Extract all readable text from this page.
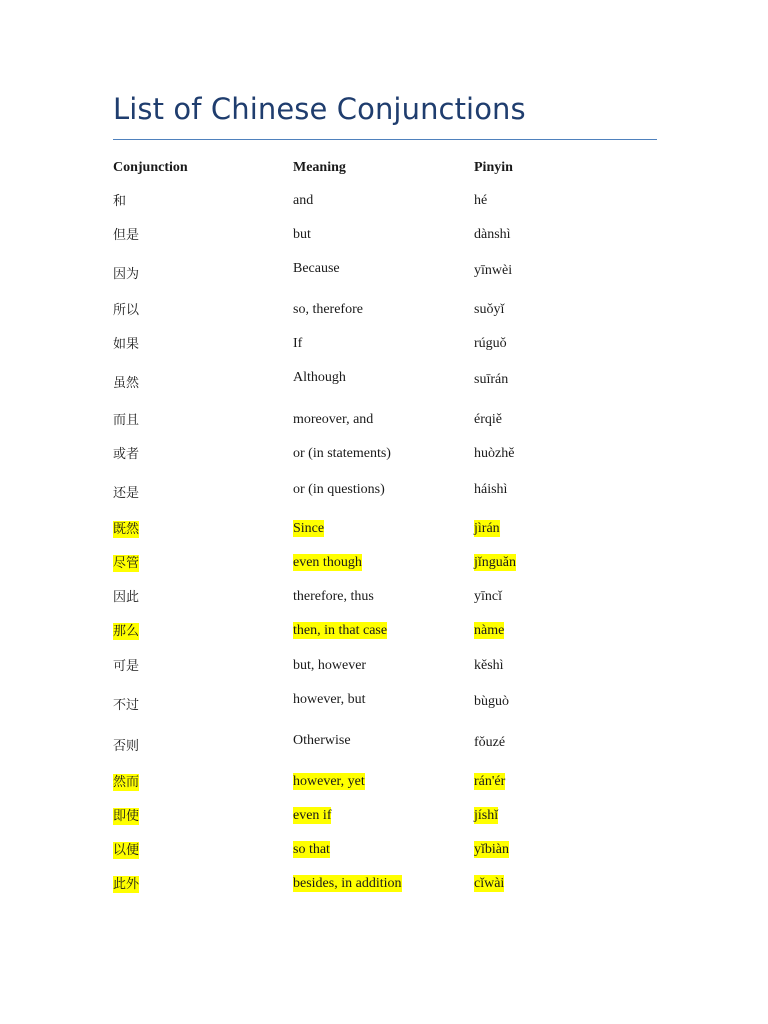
List of Chinese Conjunctions
Conjunction	Meaning	Pinyin
和	and	hé
但是	but	dànshì
因为	Because	yīnwèi
所以	so, therefore	suǒyǐ
如果	If	rúguǒ
虽然	Although	suīrán
而且	moreover, and	érqiě
或者	or (in statements)	huòzhě
还是	or (in questions)	háishì
既然	Since	jìrán
尽管	even though	jǐnguǎn
因此	therefore, thus	yīncǐ
那么	then, in that case	nàme
可是	but, however	kěshì
不过	however, but	bùguò
否则	Otherwise	fǒuzé
然而	however, yet	rán'ér
即使	even if	jíshǐ
以便	so that	yǐbiàn
此外	besides, in addition	cǐwài
